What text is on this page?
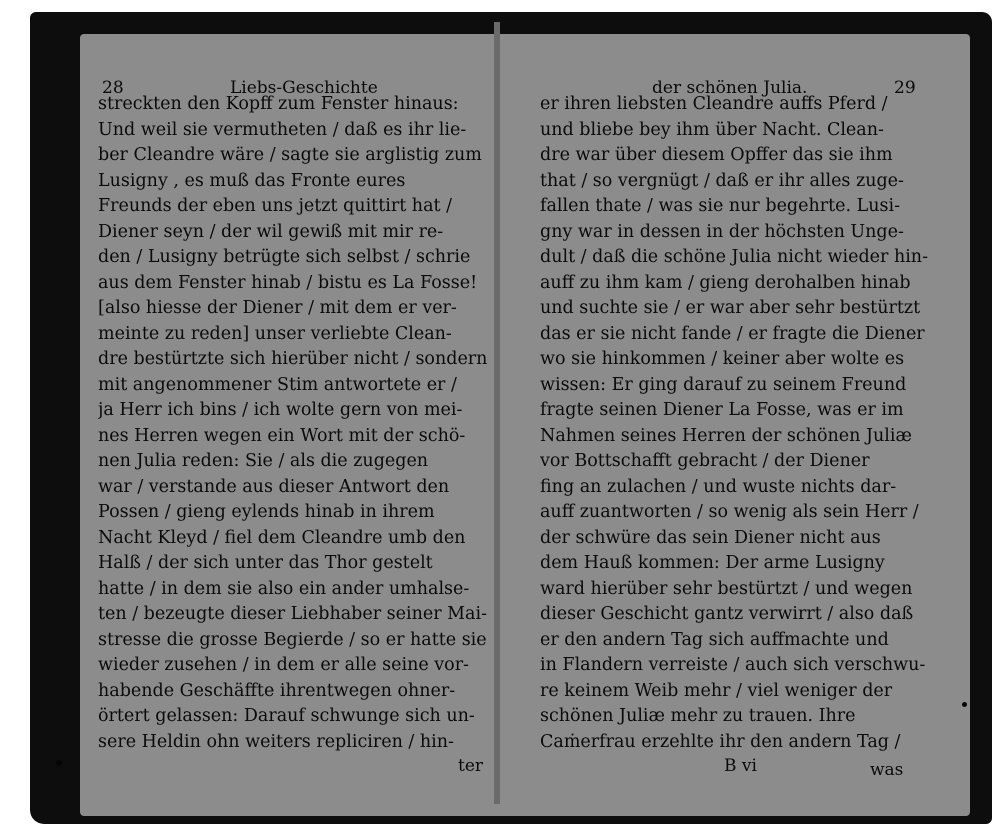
28	Liebs-Geschichte
streckten den Kopff zum Fenster hinaus:
Und weil sie vermutheten / daß es ihr lie-
ber Cleandre wäre / sagte sie arglistig zum
Lusigny , es muß das Fronte eures
Freunds der eben uns jetzt quittirt hat /
Diener seyn / der wil gewiß mit mir re-
den / Lusigny betrügte sich selbst / schrie
aus dem Fenster hinab / bistu es La Fosse!
[also hiesse der Diener / mit dem er ver-
meinte zu reden] unser verliebte Clean-
dre bestürtzte sich hierüber nicht / sondern
mit angenommener Stim antwortete er /
ja Herr ich bins / ich wolte gern von mei-
nes Herren wegen ein Wort mit der schö-
nen Julia reden: Sie / als die zugegen
war / verstande aus dieser Antwort den
Possen / gieng eylends hinab in ihrem
Nacht Kleyd / fiel dem Cleandre umb den
Halß / der sich unter das Thor gestelt
hatte / in dem sie also ein ander umhalse-
ten / bezeugte dieser Liebhaber seiner Mai-
stresse die grosse Begierde / so er hatte sie
wieder zusehen / in dem er alle seine vor-
habende Geschäffte ihrentwegen ohner-
örtert gelassen: Darauf schwunge sich un-
sere Heldin ohn weiters repliciren / hin-
ter
der schönen Julia.	29
er ihren liebsten Cleandre auffs Pferd /
und bliebe bey ihm über Nacht. Clean-
dre war über diesem Opffer das sie ihm
that / so vergnügt / daß er ihr alles zuge-
fallen thate / was sie nur begehrte. Lusi-
gny war in dessen in der höchsten Unge-
dult / daß die schöne Julia nicht wieder hin-
auff zu ihm kam / gieng derohalben hinab
und suchte sie / er war aber sehr bestürtzt
das er sie nicht fande / er fragte die Diener
wo sie hinkommen / keiner aber wolte es
wissen: Er ging darauf zu seinem Freund
fragte seinen Diener La Fosse, was er im
Nahmen seines Herren der schönen Juliæ
vor Bottschafft gebracht / der Diener
fing an zulachen / und wuste nichts dar-
auff zuantworten / so wenig als sein Herr /
der schwüre das sein Diener nicht aus
dem Hauß kommen: Der arme Lusigny
ward hierüber sehr bestürtzt / und wegen
dieser Geschicht gantz verwirrt / also daß
er den andern Tag sich auffmachte und
in Flandern verreiste / auch sich verschwu-
re keinem Weib mehr / viel weniger der
schönen Juliæ mehr zu trauen. Ihre
Caṁerfrau erzehlte ihr den andern Tag /
B vi	was
